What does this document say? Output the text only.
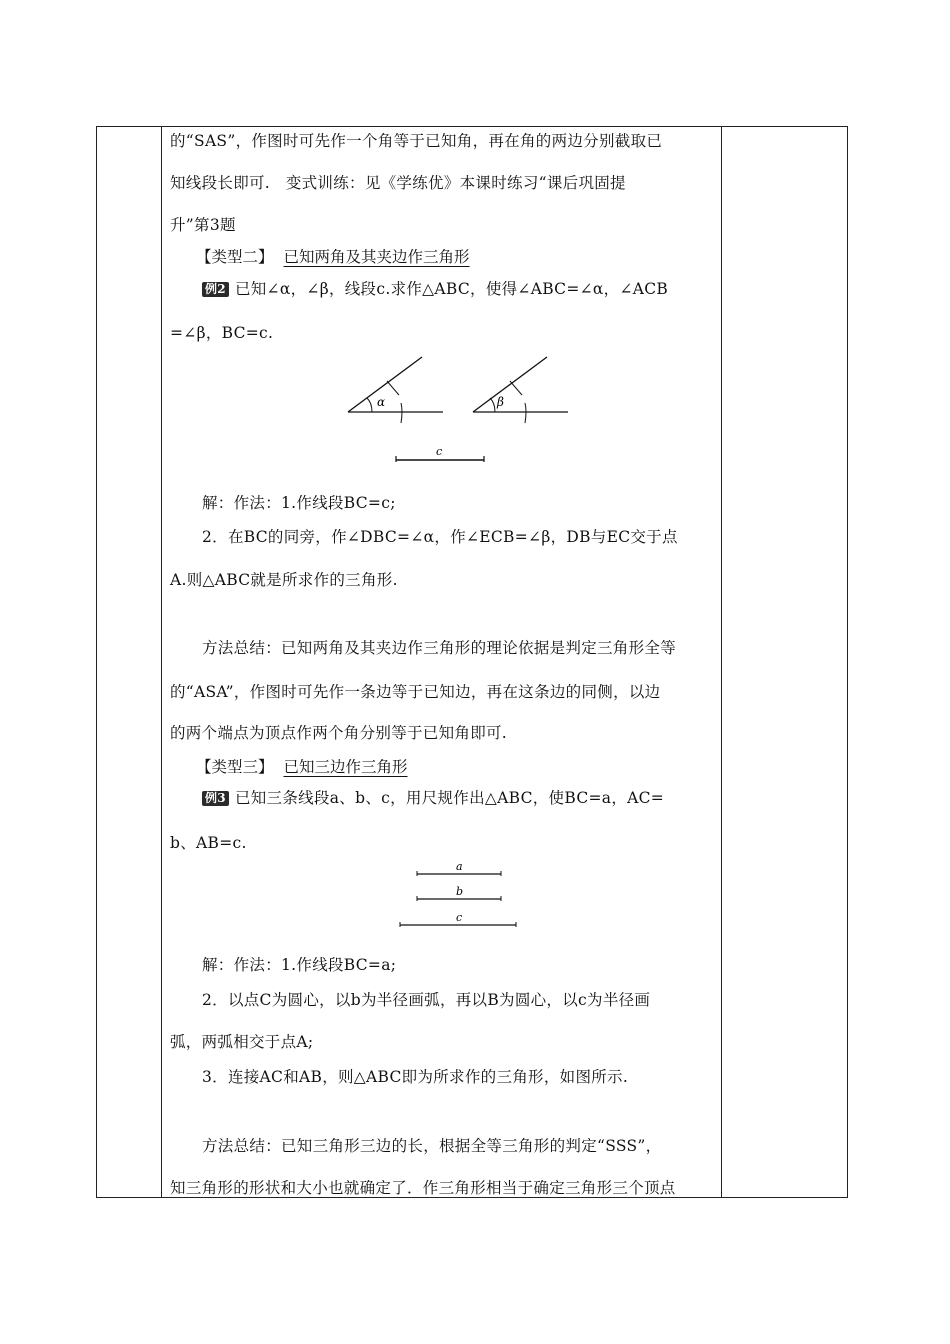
的“SAS”，作图时可先作一个角等于已知角，再在角的两边分别截取已
知线段长即可.　变式训练：见《学练优》本课时练习“课后巩固提
升”第3题
【类型二】 已知两角及其夹边作三角形
例2 已知∠α，∠β，线段c.求作△ABC，使得∠ABC=∠α，∠ACB
=∠β，BC=c.
α	β
c
解：作法：1.作线段BC=c;
2．在BC的同旁，作∠DBC=∠α，作∠ECB=∠β，DB与EC交于点
A.则△ABC就是所求作的三角形.
方法总结：已知两角及其夹边作三角形的理论依据是判定三角形全等
的“ASA”，作图时可先作一条边等于已知边，再在这条边的同侧，以边
的两个端点为顶点作两个角分别等于已知角即可.
【类型三】 已知三边作三角形
例3 已知三条线段a、b、c，用尺规作出△ABC，使BC=a，AC=
b、AB=c.
a
b
c
解：作法：1.作线段BC=a;
2．以点C为圆心，以b为半径画弧，再以B为圆心，以c为半径画
弧，两弧相交于点A;
3．连接AC和AB，则△ABC即为所求作的三角形，如图所示.
方法总结：已知三角形三边的长，根据全等三角形的判定“SSS”，
知三角形的形状和大小也就确定了．作三角形相当于确定三角形三个顶点
